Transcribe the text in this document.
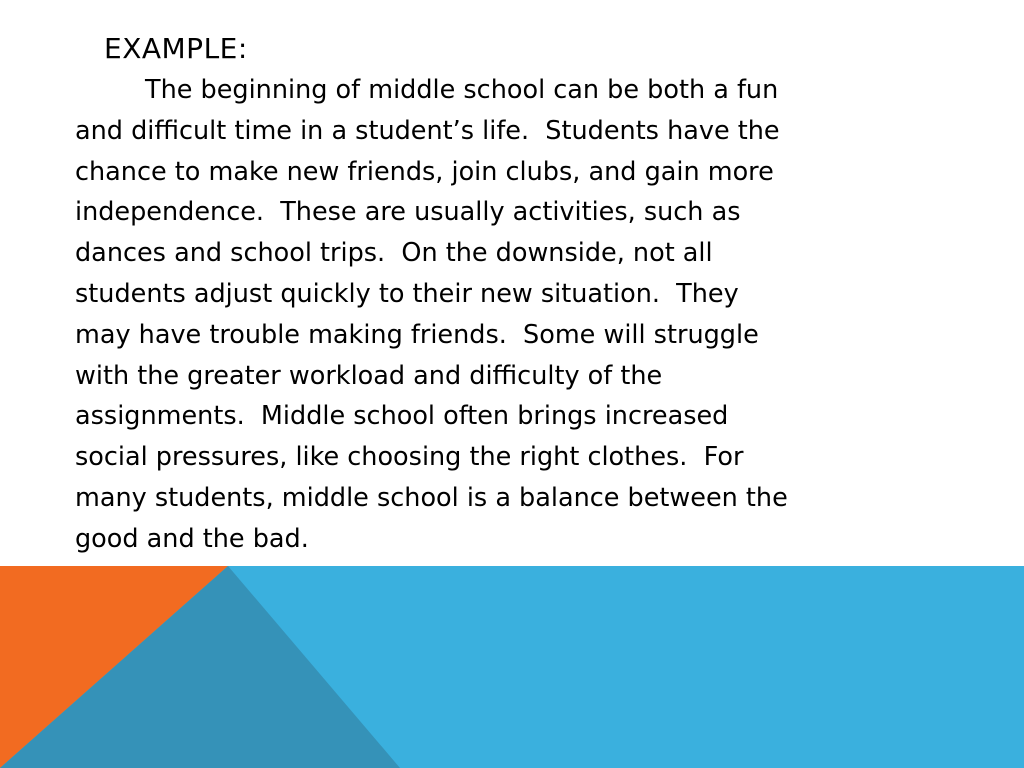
EXAMPLE:
The beginning of middle school can be both a fun
and difficult time in a student’s life.  Students have the
chance to make new friends, join clubs, and gain more
independence.  These are usually activities, such as
dances and school trips.  On the downside, not all
students adjust quickly to their new situation.  They
may have trouble making friends.  Some will struggle
with the greater workload and difficulty of the
assignments.  Middle school often brings increased
social pressures, like choosing the right clothes.  For
many students, middle school is a balance between the
good and the bad.
